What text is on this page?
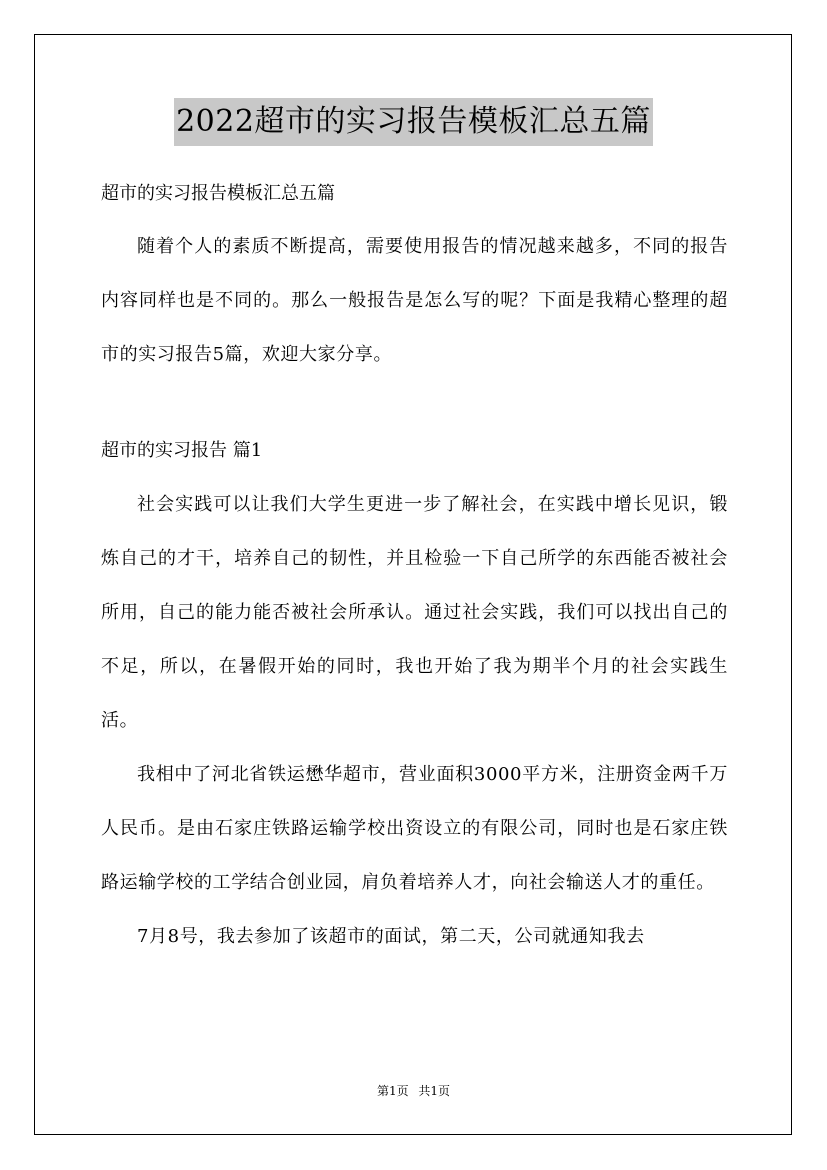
2022超市的实习报告模板汇总五篇

超市的实习报告模板汇总五篇

随着个人的素质不断提高，需要使用报告的情况越来越多，不同的报告内容同样也是不同的。那么一般报告是怎么写的呢？下面是我精心整理的超市的实习报告5篇，欢迎大家分享。

超市的实习报告 篇1

社会实践可以让我们大学生更进一步了解社会，在实践中增长见识，锻炼自己的才干，培养自己的韧性，并且检验一下自己所学的东西能否被社会所用，自己的能力能否被社会所承认。通过社会实践，我们可以找出自己的不足，所以，在暑假开始的同时，我也开始了我为期半个月的社会实践生活。

我相中了河北省铁运懋华超市，营业面积3000平方米，注册资金两千万人民币。是由石家庄铁路运输学校出资设立的有限公司，同时也是石家庄铁路运输学校的工学结合创业园，肩负着培养人才，向社会输送人才的重任。

7月8号，我去参加了该超市的面试，第二天，公司就通知我去

第1页 共1页
